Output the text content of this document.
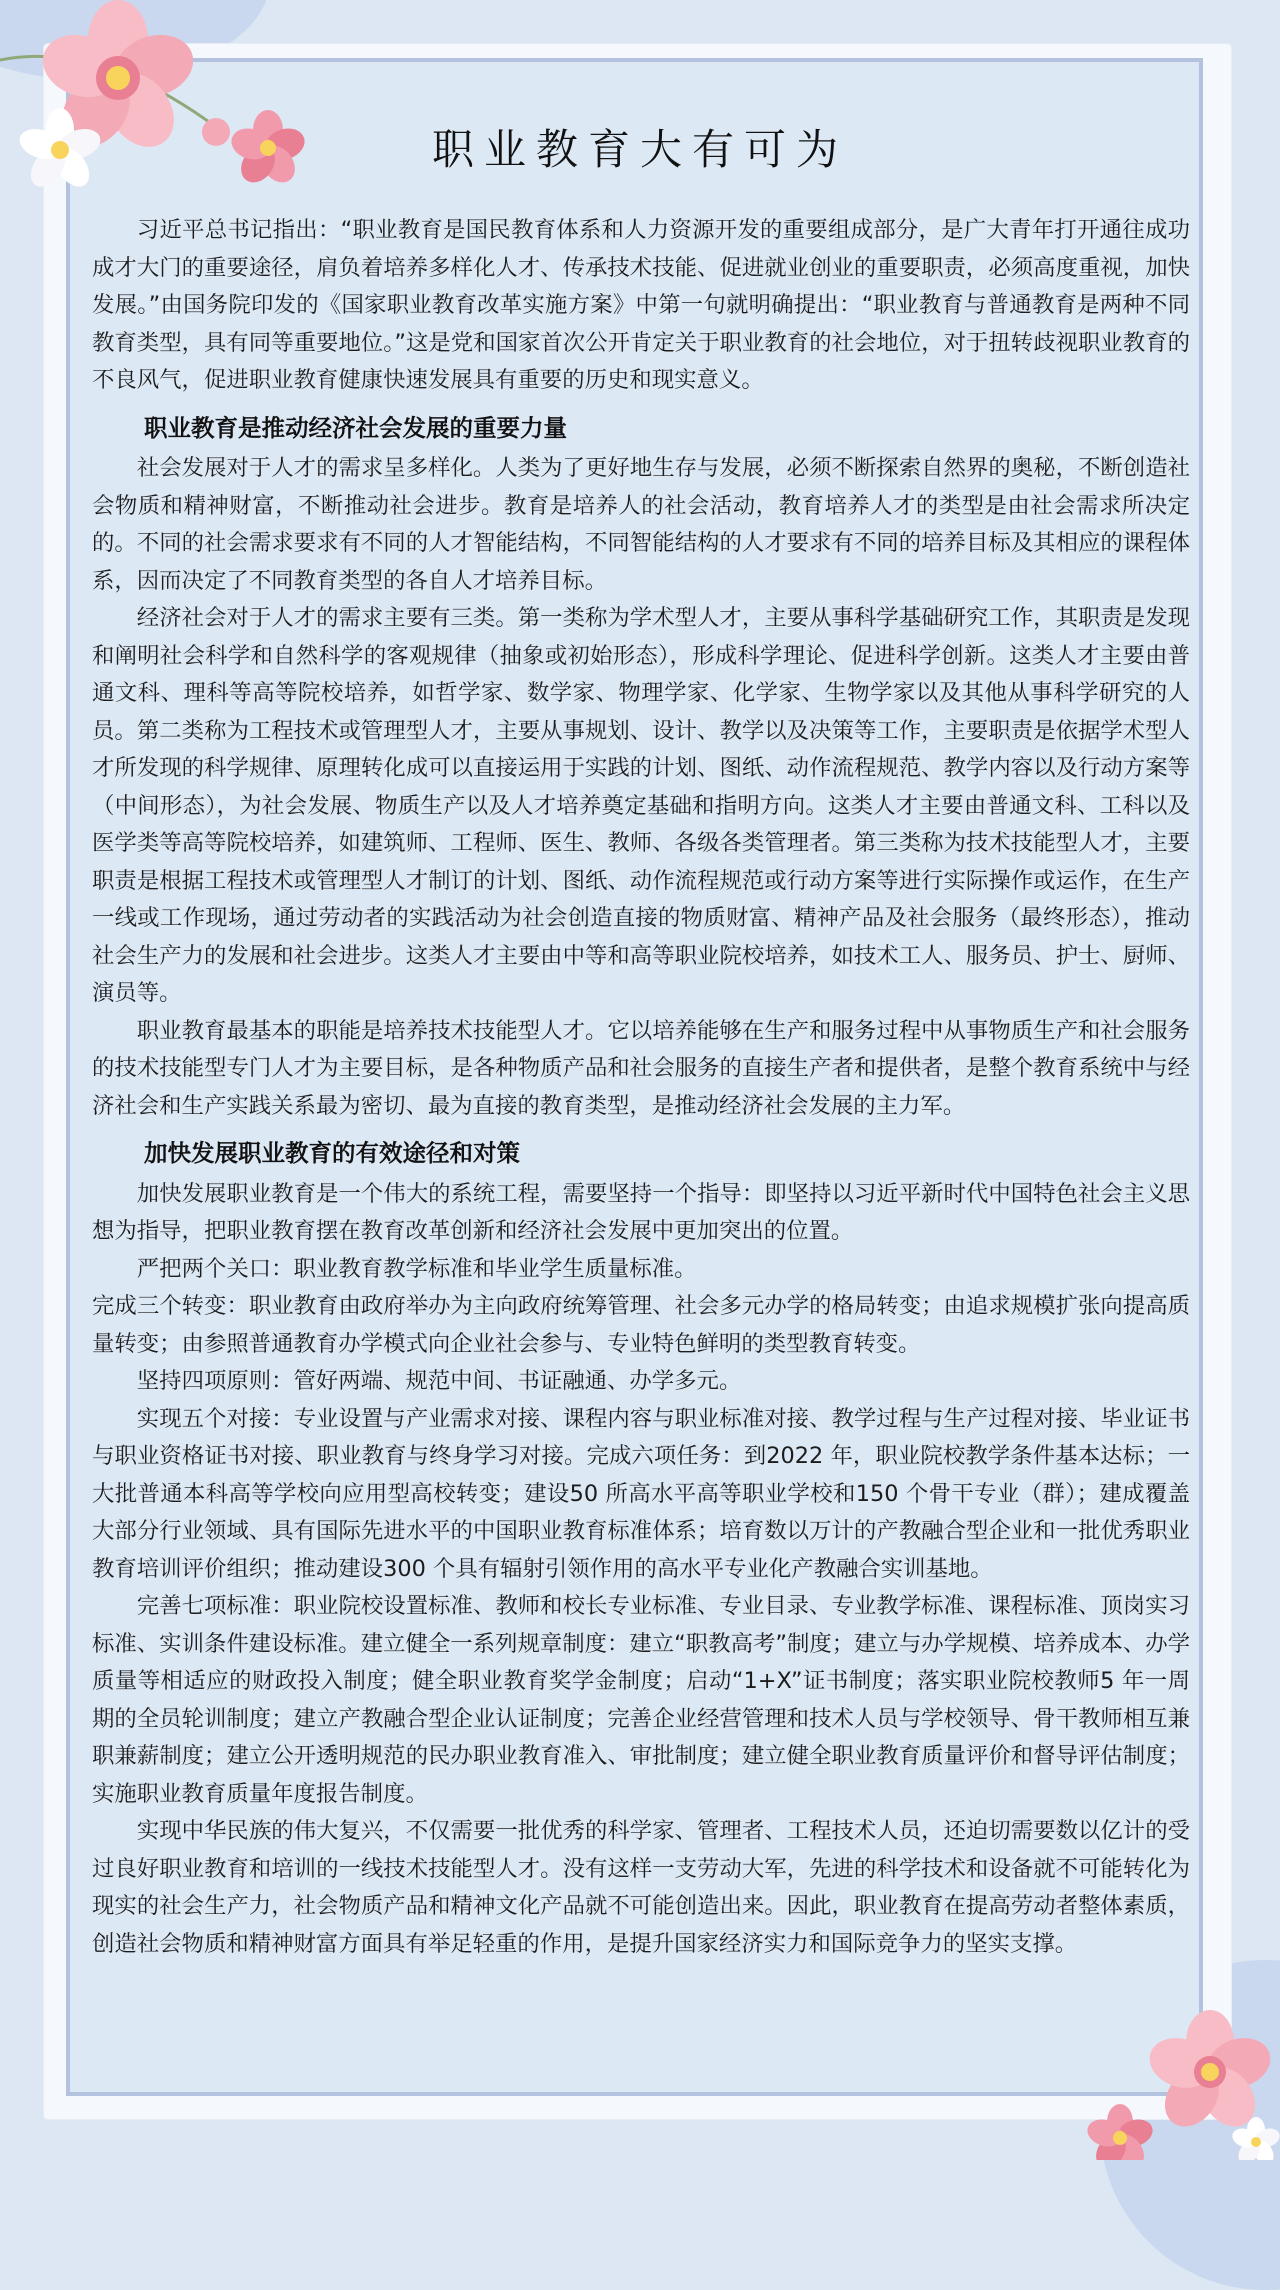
职业教育大有可为

习近平总书记指出：“职业教育是国民教育体系和人力资源开发的重要组成部分，是广大青年打开通往成功成才大门的重要途径，肩负着培养多样化人才、传承技术技能、促进就业创业的重要职责，必须高度重视，加快发展。”由国务院印发的《国家职业教育改革实施方案》中第一句就明确提出：“职业教育与普通教育是两种不同教育类型，具有同等重要地位。”这是党和国家首次公开肯定关于职业教育的社会地位，对于扭转歧视职业教育的不良风气，促进职业教育健康快速发展具有重要的历史和现实意义。

职业教育是推动经济社会发展的重要力量

社会发展对于人才的需求呈多样化。人类为了更好地生存与发展，必须不断探索自然界的奥秘，不断创造社会物质和精神财富，不断推动社会进步。教育是培养人的社会活动，教育培养人才的类型是由社会需求所决定的。不同的社会需求要求有不同的人才智能结构，不同智能结构的人才要求有不同的培养目标及其相应的课程体系，因而决定了不同教育类型的各自人才培养目标。

经济社会对于人才的需求主要有三类。第一类称为学术型人才，主要从事科学基础研究工作，其职责是发现和阐明社会科学和自然科学的客观规律（抽象或初始形态），形成科学理论、促进科学创新。这类人才主要由普通文科、理科等高等院校培养，如哲学家、数学家、物理学家、化学家、生物学家以及其他从事科学研究的人员。第二类称为工程技术或管理型人才，主要从事规划、设计、教学以及决策等工作，主要职责是依据学术型人才所发现的科学规律、原理转化成可以直接运用于实践的计划、图纸、动作流程规范、教学内容以及行动方案等（中间形态），为社会发展、物质生产以及人才培养奠定基础和指明方向。这类人才主要由普通文科、工科以及医学类等高等院校培养，如建筑师、工程师、医生、教师、各级各类管理者。第三类称为技术技能型人才，主要职责是根据工程技术或管理型人才制订的计划、图纸、动作流程规范或行动方案等进行实际操作或运作，在生产一线或工作现场，通过劳动者的实践活动为社会创造直接的物质财富、精神产品及社会服务（最终形态），推动社会生产力的发展和社会进步。这类人才主要由中等和高等职业院校培养，如技术工人、服务员、护士、厨师、演员等。

职业教育最基本的职能是培养技术技能型人才。它以培养能够在生产和服务过程中从事物质生产和社会服务的技术技能型专门人才为主要目标，是各种物质产品和社会服务的直接生产者和提供者，是整个教育系统中与经济社会和生产实践关系最为密切、最为直接的教育类型，是推动经济社会发展的主力军。

加快发展职业教育的有效途径和对策

加快发展职业教育是一个伟大的系统工程，需要坚持一个指导：即坚持以习近平新时代中国特色社会主义思想为指导，把职业教育摆在教育改革创新和经济社会发展中更加突出的位置。

严把两个关口：职业教育教学标准和毕业学生质量标准。

完成三个转变：职业教育由政府举办为主向政府统筹管理、社会多元办学的格局转变；由追求规模扩张向提高质量转变；由参照普通教育办学模式向企业社会参与、专业特色鲜明的类型教育转变。

坚持四项原则：管好两端、规范中间、书证融通、办学多元。

实现五个对接：专业设置与产业需求对接、课程内容与职业标准对接、教学过程与生产过程对接、毕业证书与职业资格证书对接、职业教育与终身学习对接。完成六项任务：到2022 年，职业院校教学条件基本达标；一大批普通本科高等学校向应用型高校转变；建设50 所高水平高等职业学校和150 个骨干专业（群）；建成覆盖大部分行业领域、具有国际先进水平的中国职业教育标准体系；培育数以万计的产教融合型企业和一批优秀职业教育培训评价组织；推动建设300 个具有辐射引领作用的高水平专业化产教融合实训基地。

完善七项标准：职业院校设置标准、教师和校长专业标准、专业目录、专业教学标准、课程标准、顶岗实习标准、实训条件建设标准。建立健全一系列规章制度：建立“职教高考”制度；建立与办学规模、培养成本、办学质量等相适应的财政投入制度；健全职业教育奖学金制度；启动“1+X”证书制度；落实职业院校教师5 年一周期的全员轮训制度；建立产教融合型企业认证制度；完善企业经营管理和技术人员与学校领导、骨干教师相互兼职兼薪制度；建立公开透明规范的民办职业教育准入、审批制度；建立健全职业教育质量评价和督导评估制度；实施职业教育质量年度报告制度。

实现中华民族的伟大复兴，不仅需要一批优秀的科学家、管理者、工程技术人员，还迫切需要数以亿计的受过良好职业教育和培训的一线技术技能型人才。没有这样一支劳动大军，先进的科学技术和设备就不可能转化为现实的社会生产力，社会物质产品和精神文化产品就不可能创造出来。因此，职业教育在提高劳动者整体素质，创造社会物质和精神财富方面具有举足轻重的作用，是提升国家经济实力和国际竞争力的坚实支撑。
